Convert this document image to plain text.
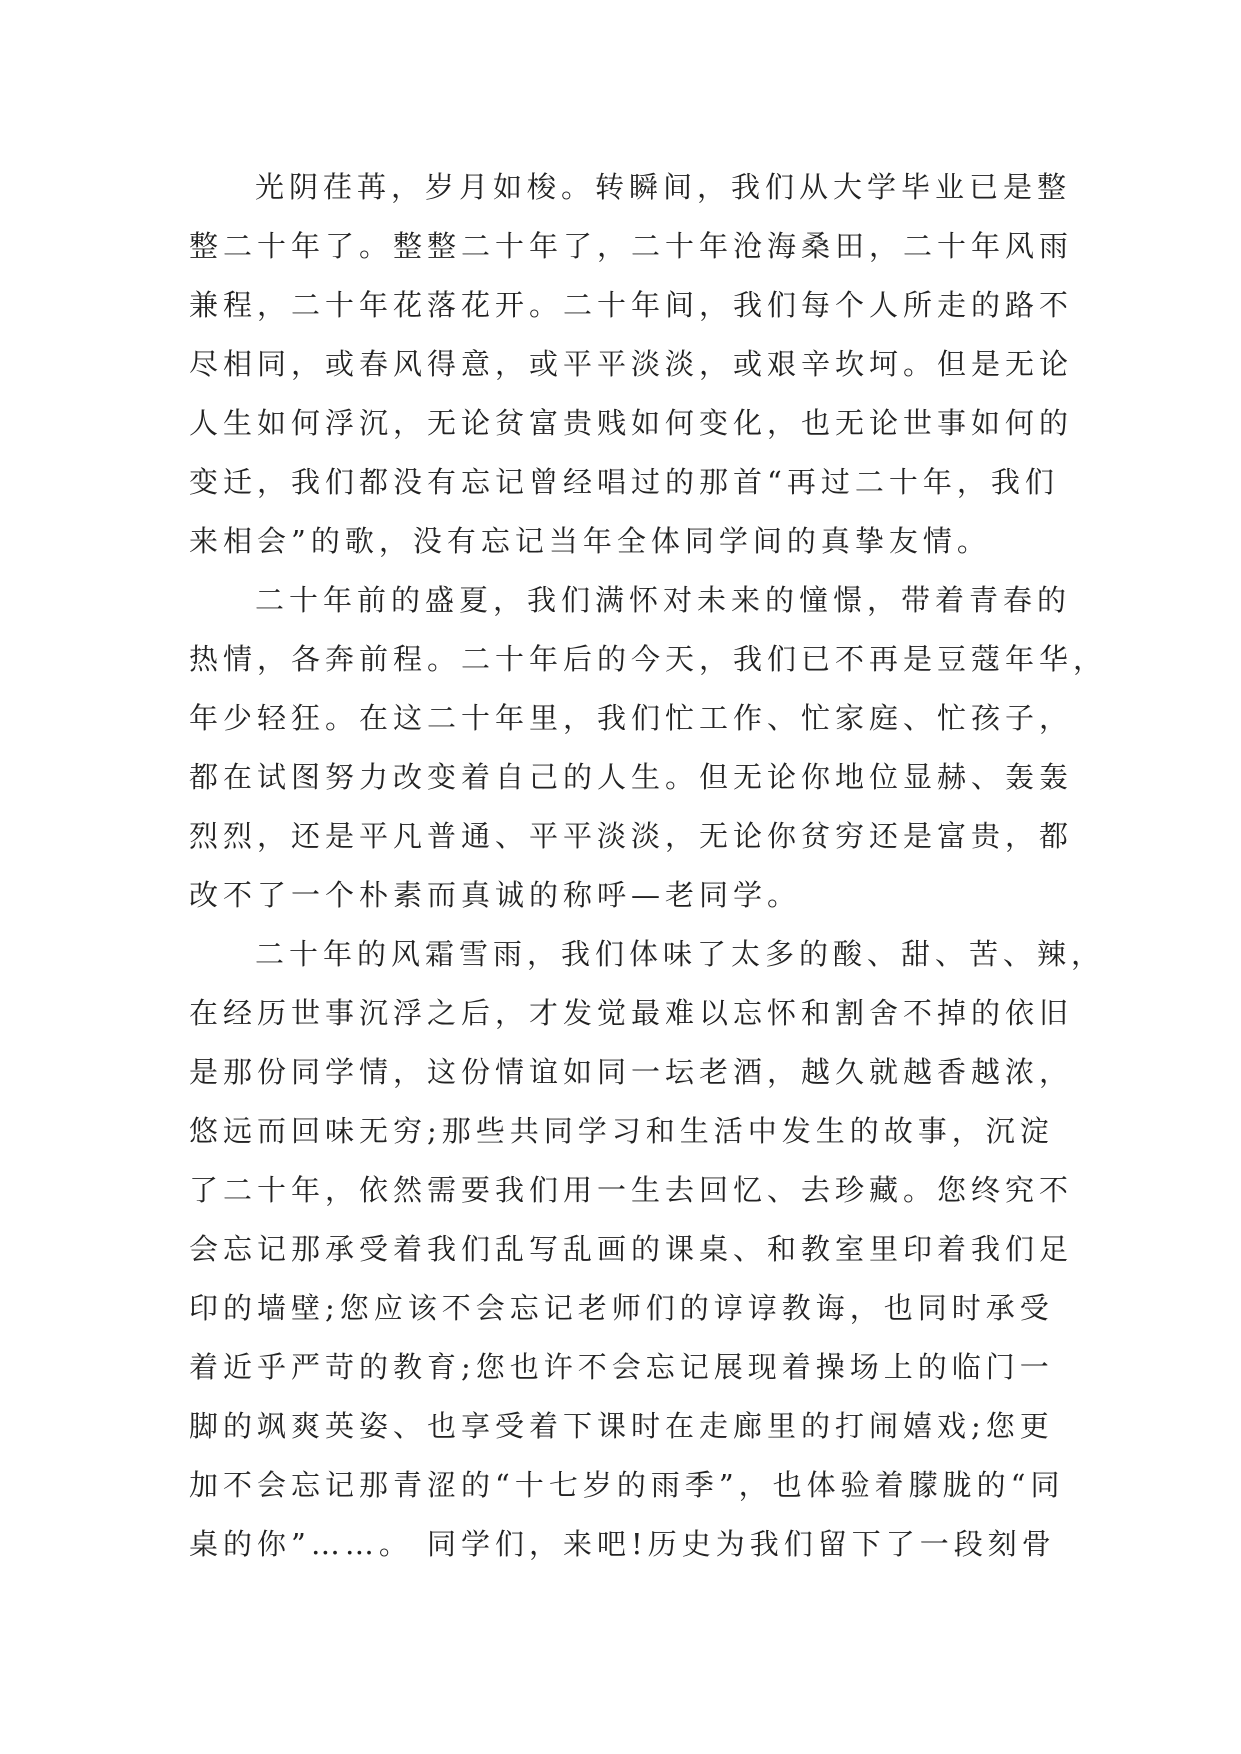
光阴荏苒，岁月如梭。转瞬间，我们从大学毕业已是整
整二十年了。整整二十年了，二十年沧海桑田，二十年风雨
兼程，二十年花落花开。二十年间，我们每个人所走的路不
尽相同，或春风得意，或平平淡淡，或艰辛坎坷。但是无论
人生如何浮沉，无论贫富贵贱如何变化，也无论世事如何的
变迁，我们都没有忘记曾经唱过的那首“再过二十年，我们
来相会”的歌，没有忘记当年全体同学间的真挚友情。
二十年前的盛夏，我们满怀对未来的憧憬，带着青春的
热情，各奔前程。二十年后的今天，我们已不再是豆蔻年华，
年少轻狂。在这二十年里，我们忙工作、忙家庭、忙孩子，
都在试图努力改变着自己的人生。但无论你地位显赫、轰轰
烈烈，还是平凡普通、平平淡淡，无论你贫穷还是富贵，都
改不了一个朴素而真诚的称呼—老同学。
二十年的风霜雪雨，我们体味了太多的酸、甜、苦、辣，
在经历世事沉浮之后，才发觉最难以忘怀和割舍不掉的依旧
是那份同学情，这份情谊如同一坛老酒，越久就越香越浓，
悠远而回味无穷;那些共同学习和生活中发生的故事，沉淀
了二十年，依然需要我们用一生去回忆、去珍藏。您终究不
会忘记那承受着我们乱写乱画的课桌、和教室里印着我们足
印的墙壁;您应该不会忘记老师们的谆谆教诲，也同时承受
着近乎严苛的教育;您也许不会忘记展现着操场上的临门一
脚的飒爽英姿、也享受着下课时在走廊里的打闹嬉戏;您更
加不会忘记那青涩的“十七岁的雨季”，也体验着朦胧的“同
桌的你”……。 同学们，来吧!历史为我们留下了一段刻骨
